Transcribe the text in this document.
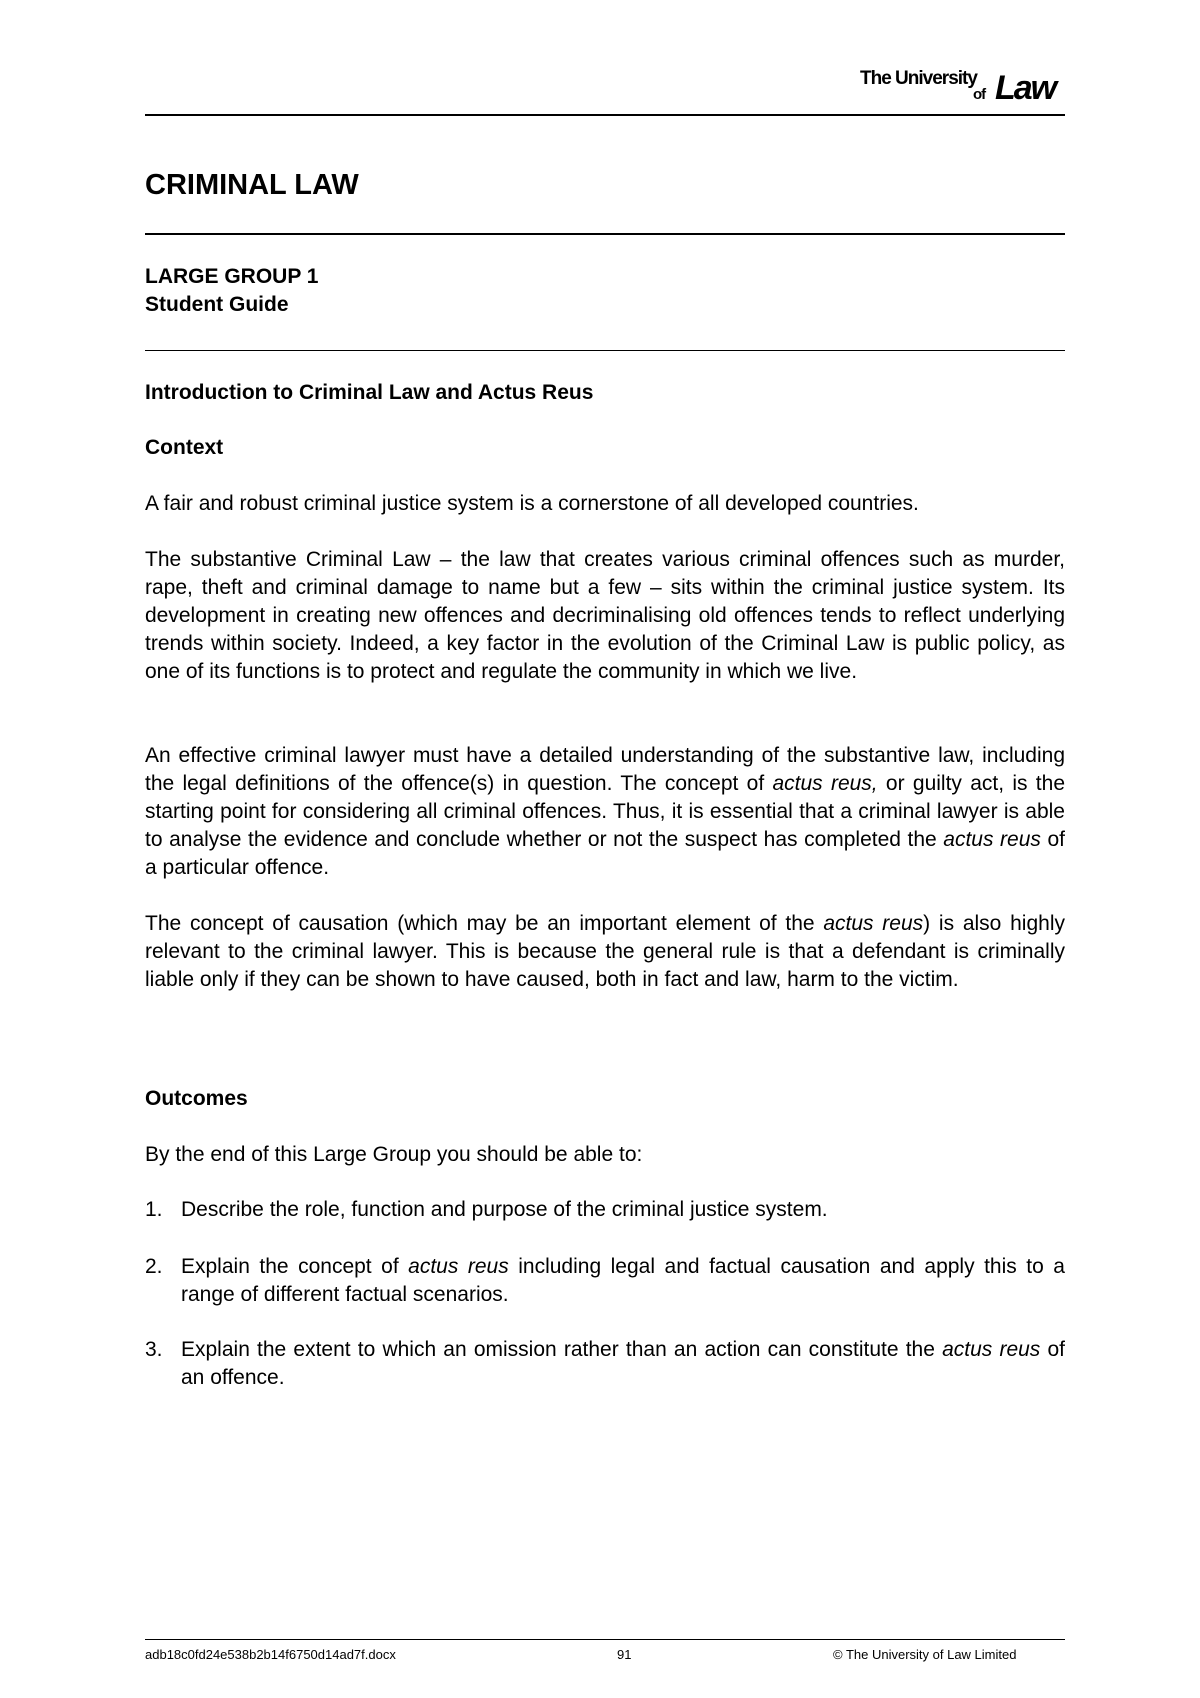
The University
of Law
CRIMINAL LAW

LARGE GROUP 1

Student Guide

Introduction to Criminal Law and Actus Reus

Context

A fair and robust criminal justice system is a cornerstone of all developed countries.

The substantive Criminal Law – the law that creates various criminal offences such as murder, rape, theft and criminal damage to name but a few – sits within the criminal justice system. Its development in creating new offences and decriminalising old offences tends to reflect underlying trends within society. Indeed, a key factor in the evolution of the Criminal Law is public policy, as one of its functions is to protect and regulate the community in which we live.

An effective criminal lawyer must have a detailed understanding of the substantive law, including the legal definitions of the offence(s) in question. The concept of actus reus, or guilty act, is the starting point for considering all criminal offences. Thus, it is essential that a criminal lawyer is able to analyse the evidence and conclude whether or not the suspect has completed the actus reus of a particular offence.

The concept of causation (which may be an important element of the actus reus) is also highly relevant to the criminal lawyer. This is because the general rule is that a defendant is criminally liable only if they can be shown to have caused, both in fact and law, harm to the victim.

Outcomes

By the end of this Large Group you should be able to:

1. Describe the role, function and purpose of the criminal justice system.
2. Explain the concept of actus reus including legal and factual causation and apply this to a range of different factual scenarios.
3. Explain the extent to which an omission rather than an action can constitute the actus reus of an offence.
adb18c0fd24e538b2b14f6750d14ad7f.docx	91	© The University of Law Limited
